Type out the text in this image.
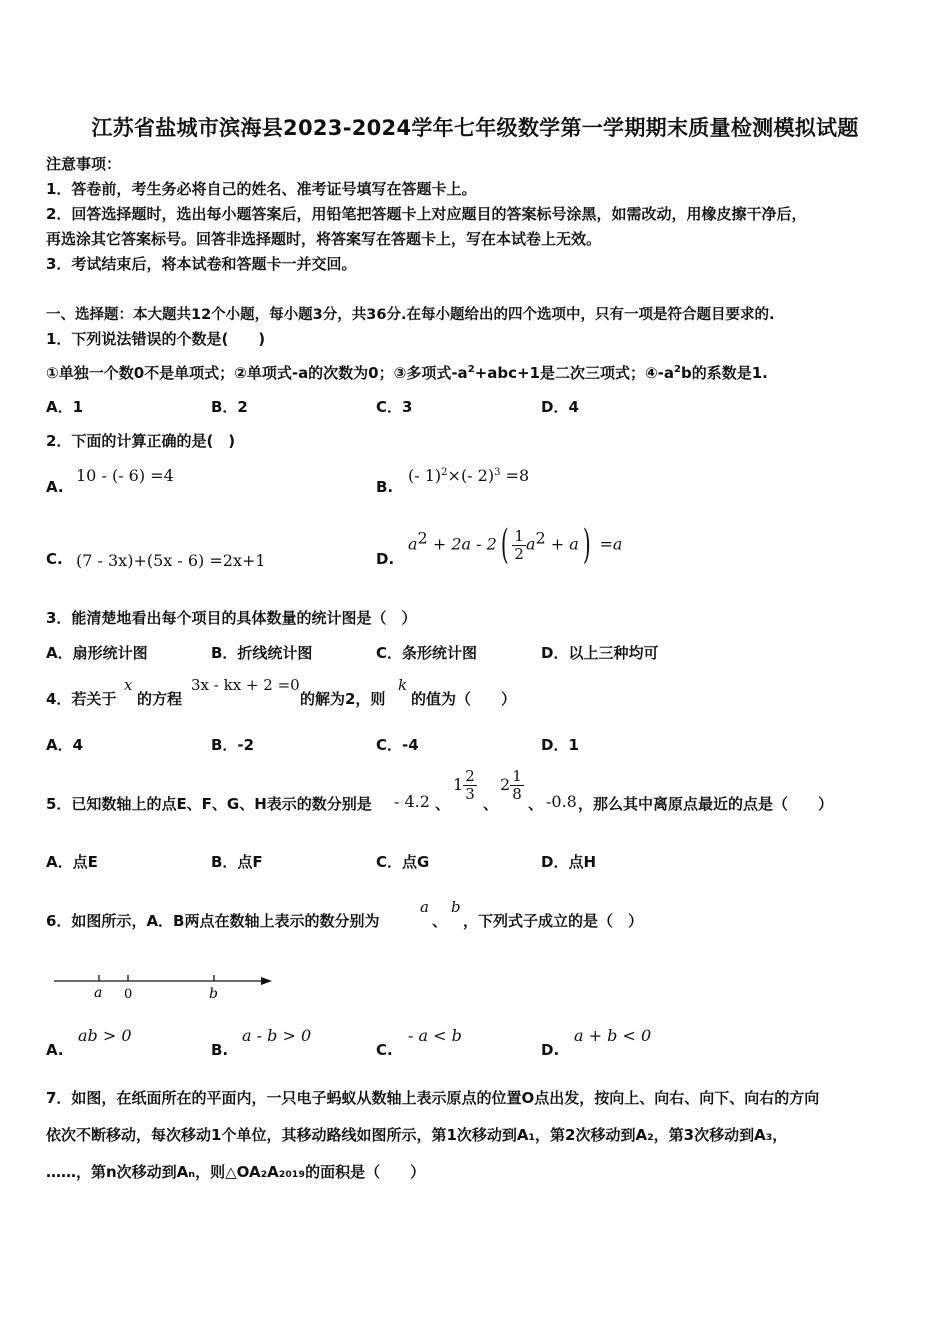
江苏省盐城市滨海县2023-2024学年七年级数学第一学期期末质量检测模拟试题
注意事项：
1．答卷前，考生务必将自己的姓名、准考证号填写在答题卡上。
2．回答选择题时，选出每小题答案后，用铅笔把答题卡上对应题目的答案标号涂黑，如需改动，用橡皮擦干净后，
再选涂其它答案标号。回答非选择题时，将答案写在答题卡上，写在本试卷上无效。
3．考试结束后，将本试卷和答题卡一并交回。
一、选择题：本大题共12个小题，每小题3分，共36分.在每小题给出的四个选项中，只有一项是符合题目要求的.
1．下列说法错误的个数是(　　)
①单独一个数0不是单项式；②单项式-a的次数为0；③多项式$-a^2+abc+1$是二次三项式；$④-a^2b$的系数是1.
A．1	B．2	C．3	D．4
2．下面的计算正确的是(　)
A.
10 - (- 6) =4
B.
(- 1)$^2$×(- 2)$^3$ =8
C. (7 - 3x)+(5x - 6) =2x+1	D.
$a^2 + 2a - 2( \frac{1}{2} a^2 + a) =a$
3．能清楚地看出每个项目的具体数量的统计图是（　）
A．扇形统计图	B．折线统计图	C．条形统计图	D．以上三种均可
4．若关于
x
的方程
3x - kx + 2 =0
的解为2，则
k
的值为（　　）
A．4	B．-2	C．-4	D．1
5．已知数轴上的点E、F、G、H表示的数分别是 - 4.2 、
$1 \frac{2}{3}$
、
$2 \frac{1}{8}$
、 -0.8 ，那么其中离原点最近的点是（　　）
A．点E	B．点F	C．点G	D．点H
6．如图所示，A．B两点在数轴上表示的数分别为
a
、
b
，下列式子成立的是（　）
a 0	b
A.
ab > 0
B.
a - b > 0
C.
- a < b
D.
a + b < 0
7．如图，在纸面所在的平面内，一只电子蚂蚁从数轴上表示原点的位置O点出发，按向上、向右、向下、向右的方向
依次不断移动，每次移动1个单位，其移动路线如图所示，第1次移动到A₁，第2次移动到A₂，第3次移动到A₃，
……，第n次移动到Aₙ，则△OA₂A₂₀₁₉的面积是（　　）
